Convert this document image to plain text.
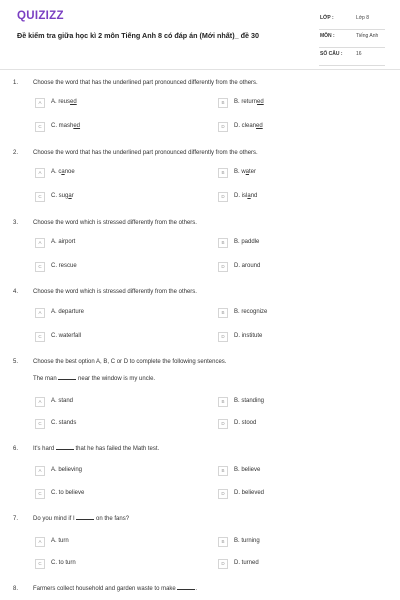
QUIZIZZ
Đề kiểm tra giữa học kì 2 môn Tiếng Anh 8 có đáp án (Mới nhất)_ đề 30
LỚP :	Lớp 8
MÔN :	Tiếng Anh
SỐ CÂU :	16
1. Choose the word that has the underlined part pronounced differently from the others.
A	A. reused	B	B. returned
C	C. mashed	D	D. cleaned
2. Choose the word that has the underlined part pronounced differently from the others.
A	A. canoe	B	B. water
C	C. sugar	D	D. island
3. Choose the word which is stressed differently from the others.
A	A. airport	B	B. paddle
C	C. rescue	D	D. around
4. Choose the word which is stressed differently from the others.
A	A. departure	B	B. recognize
C	C. waterfall	D	D. institute
5. Choose the best option A, B, C or D to complete the following sentences.
The man	near the window is my uncle.
A	A. stand	B	B. standing
C	C. stands	D	D. stood
6. It's hard	that he has failed the Math test.
A	A. believing	B	B. believe
C	C. to believe	D	D. believed
7. Do you mind if I	on the fans?
A	A. turn	B	B. turning
C	C. to turn	D	D. turned
8. Farmers collect household and garden waste to make	.
